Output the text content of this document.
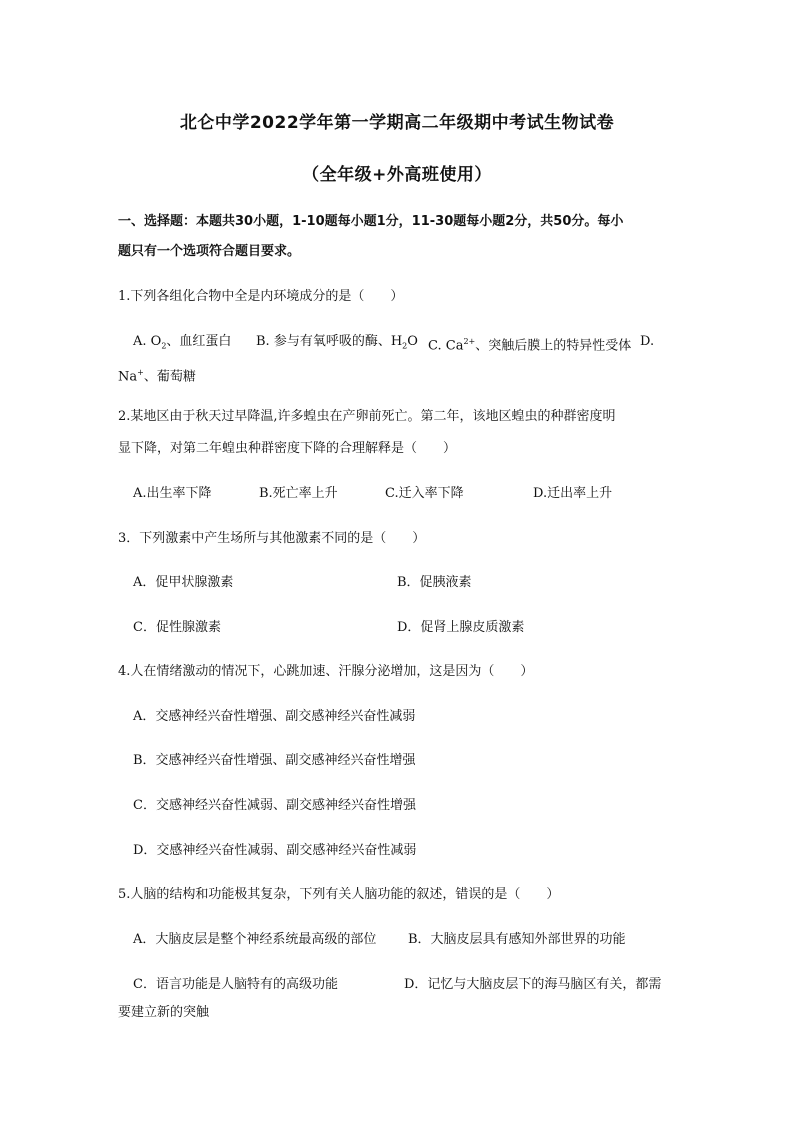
北仑中学2022学年第一学期高二年级期中考试生物试卷
（全年级+外高班使用）
一、选择题：本题共30小题，1-10题每小题1分，11-30题每小题2分，共50分。每小
题只有一个选项符合题目要求。
1.下列各组化合物中全是内环境成分的是（　　）
A. $O_2$、血红蛋白 B. 参与有氧呼吸的酶、$H_2O$ C. $Ca^{2+}$、突触后膜上的特异性受体 D.
Na+、葡萄糖
2.某地区由于秋天过早降温,许多蝗虫在产卵前死亡。第二年，该地区蝗虫的种群密度明
显下降，对第二年蝗虫种群密度下降的合理解释是（　　）
A.出生率下降	B.死亡率上升	C.迁入率下降	D.迁出率上升
3．下列激素中产生场所与其他激素不同的是（　　）
A．促甲状腺激素	B．促胰液素
C．促性腺激素	D．促肾上腺皮质激素
4.人在情绪激动的情况下，心跳加速、汗腺分泌增加，这是因为（　　）
A．交感神经兴奋性增强、副交感神经兴奋性减弱
B．交感神经兴奋性增强、副交感神经兴奋性增强
C．交感神经兴奋性减弱、副交感神经兴奋性增强
D．交感神经兴奋性减弱、副交感神经兴奋性减弱
5.人脑的结构和功能极其复杂，下列有关人脑功能的叙述，错误的是（　　）
A．大脑皮层是整个神经系统最高级的部位 B．大脑皮层具有感知外部世界的功能
C．语言功能是人脑特有的高级功能	D．记忆与大脑皮层下的海马脑区有关，都需
要建立新的突触
